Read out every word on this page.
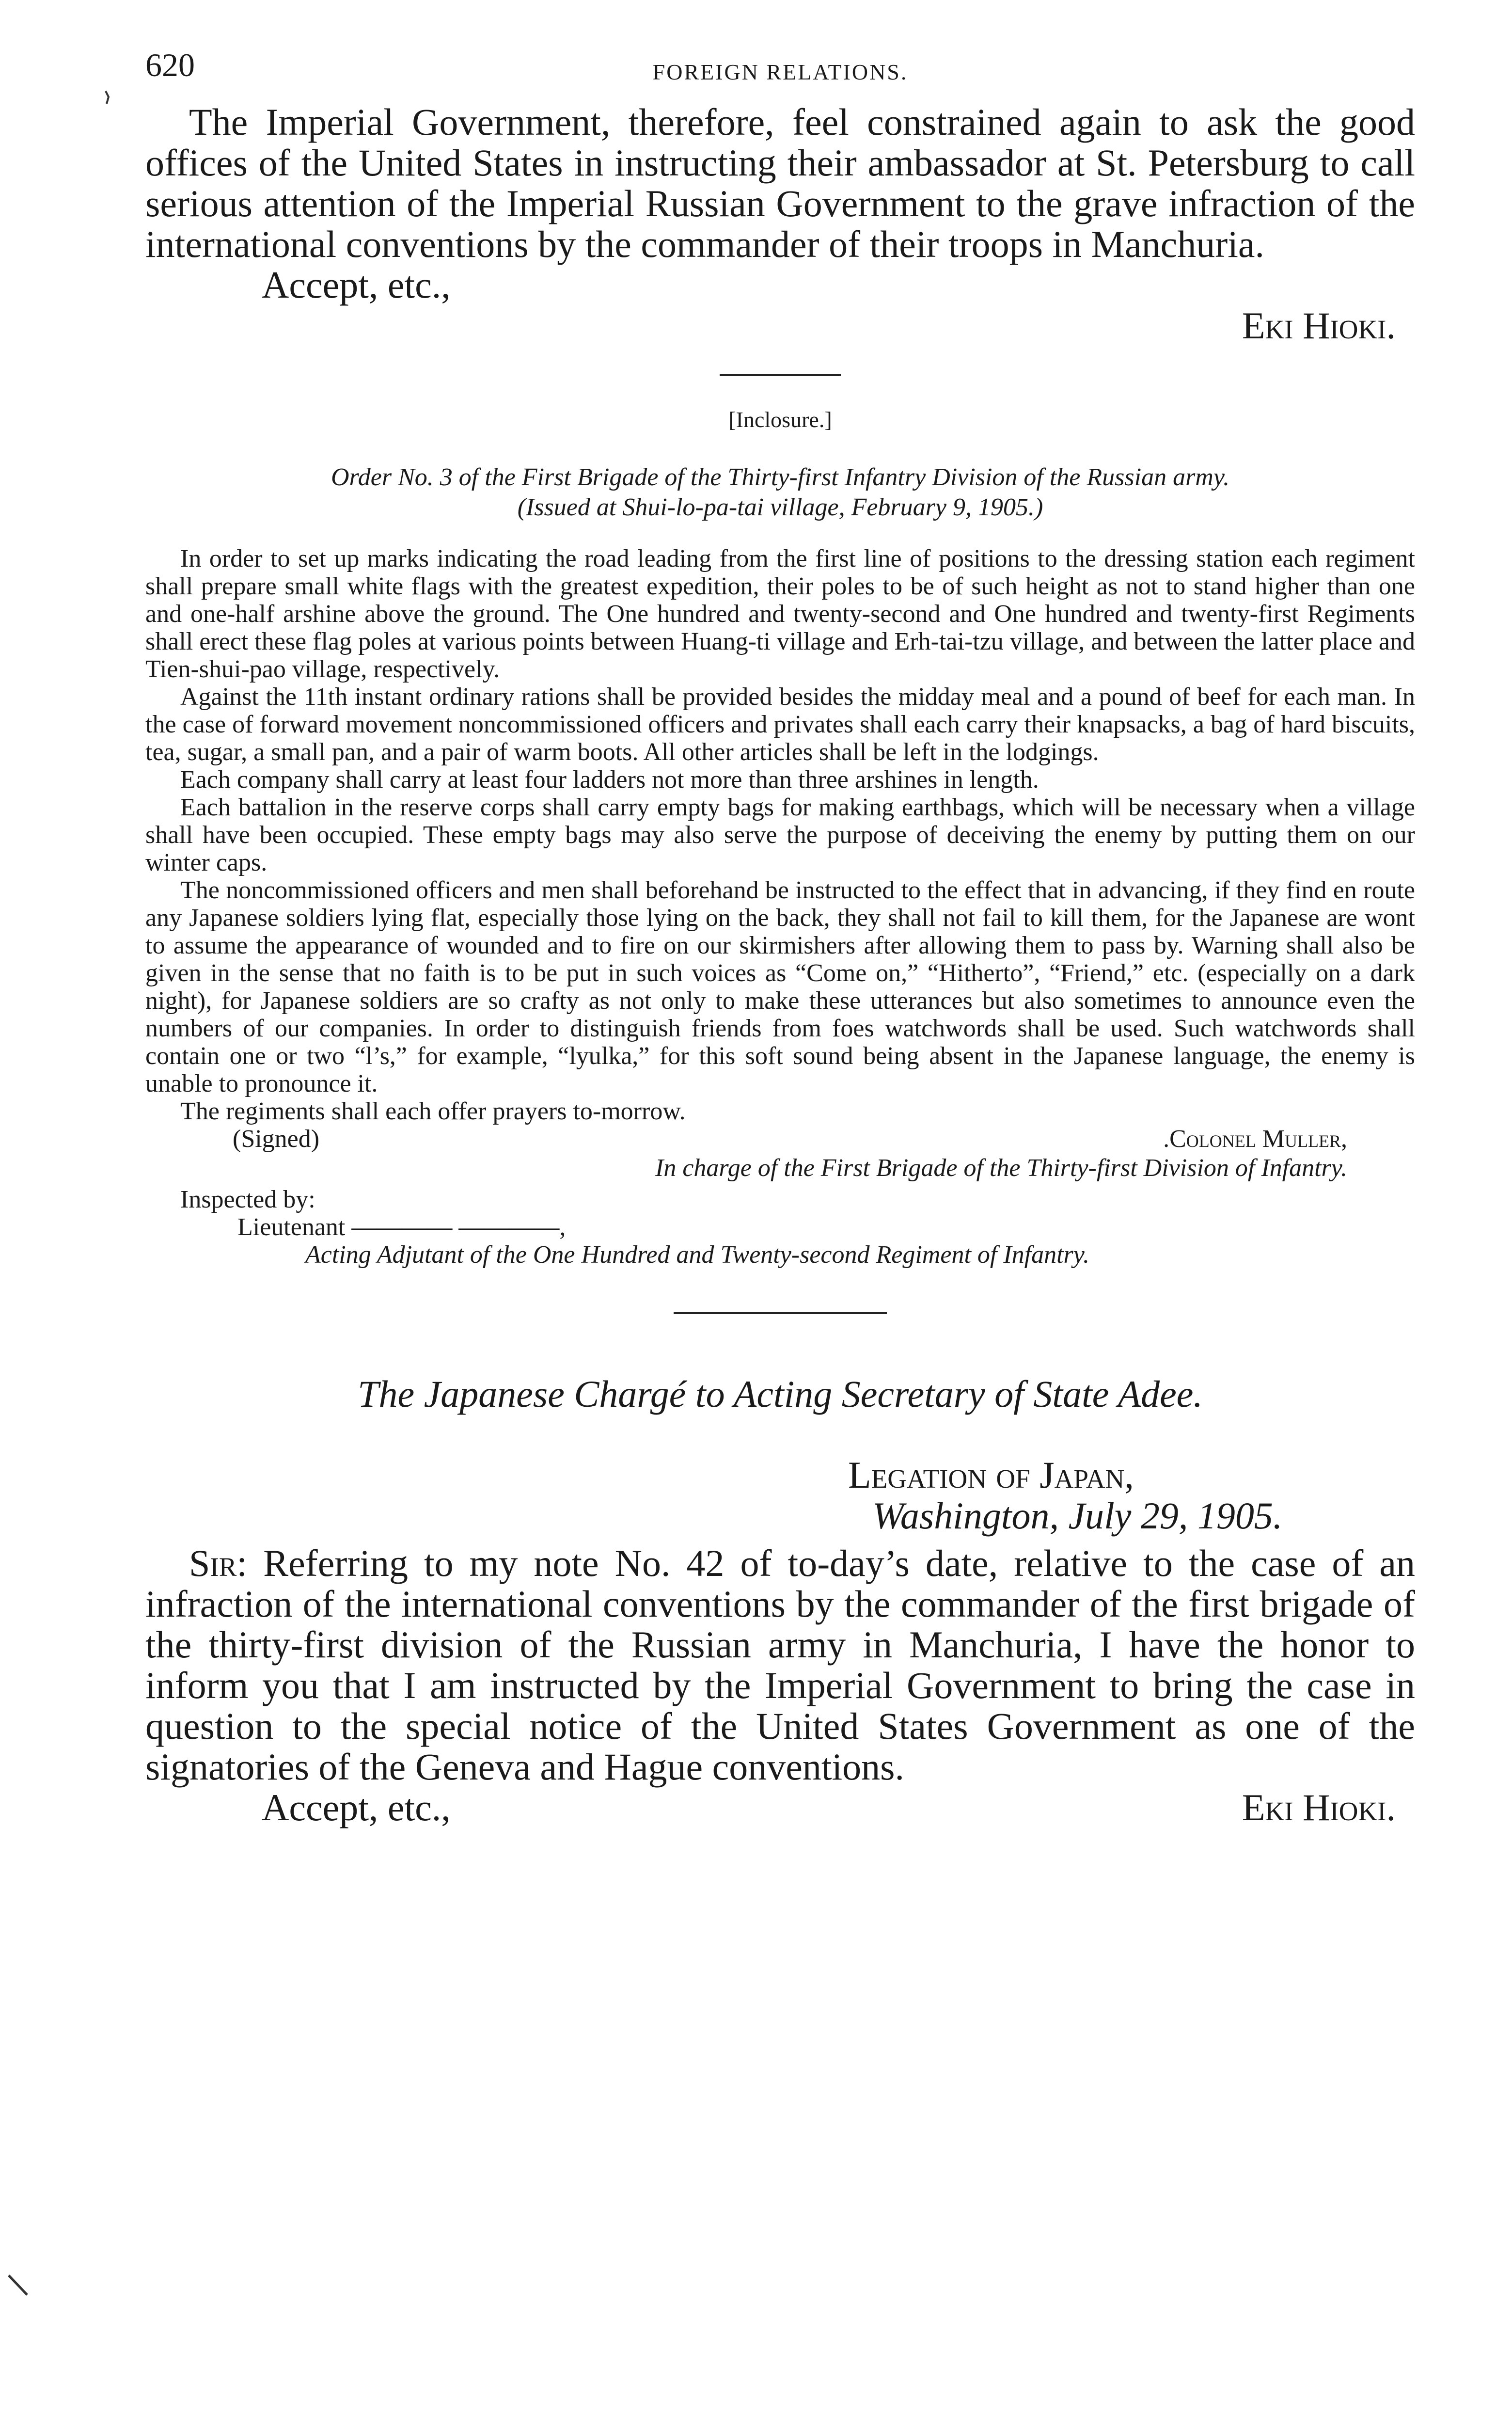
620	FOREIGN RELATIONS.

The Imperial Government, therefore, feel constrained again to ask the good offices of the United States in instructing their ambassador at St. Petersburg to call serious attention of the Imperial Russian Government to the grave infraction of the international conventions by the commander of their troops in Manchuria.

Accept, etc.,

Eki Hioki.

[Inclosure.]

Order No. 3 of the First Brigade of the Thirty-first Infantry Division of the Russian army.

(Issued at Shui-lo-pa-tai village, February 9, 1905.)

In order to set up marks indicating the road leading from the first line of positions to the dressing station each regiment shall prepare small white flags with the greatest expedition, their poles to be of such height as not to stand higher than one and one-half arshine above the ground. The One hundred and twenty-second and One hundred and twenty-first Regiments shall erect these flag poles at various points between Huang-ti village and Erh-tai-tzu village, and between the latter place and Tien-shui-pao village, respectively.

Against the 11th instant ordinary rations shall be provided besides the midday meal and a pound of beef for each man. In the case of forward movement noncommissioned officers and privates shall each carry their knapsacks, a bag of hard biscuits, tea, sugar, a small pan, and a pair of warm boots. All other articles shall be left in the lodgings.

Each company shall carry at least four ladders not more than three arshines in length.

Each battalion in the reserve corps shall carry empty bags for making earthbags, which will be necessary when a village shall have been occupied. These empty bags may also serve the purpose of deceiving the enemy by putting them on our winter caps.

The noncommissioned officers and men shall beforehand be instructed to the effect that in advancing, if they find en route any Japanese soldiers lying flat, especially those lying on the back, they shall not fail to kill them, for the Japanese are wont to assume the appearance of wounded and to fire on our skirmishers after allowing them to pass by. Warning shall also be given in the sense that no faith is to be put in such voices as “Come on,” “Hitherto”, “Friend,” etc. (especially on a dark night), for Japanese soldiers are so crafty as not only to make these utterances but also sometimes to announce even the numbers of our companies. In order to distinguish friends from foes watchwords shall be used. Such watchwords shall contain one or two “l’s,” for example, “lyulka,” for this soft sound being absent in the Japanese language, the enemy is unable to pronounce it.

The regiments shall each offer prayers to-morrow.

(Signed)	.Colonel Muller,

In charge of the First Brigade of the Thirty-first Division of Infantry.

Inspected by:

Lieutenant ———— ————,

Acting Adjutant of the One Hundred and Twenty-second Regiment of Infantry.

The Japanese Chargé to Acting Secretary of State Adee.

Legation of Japan,
Washington, July 29, 1905.

Sir: Referring to my note No. 42 of to-day’s date, relative to the case of an infraction of the international conventions by the commander of the first brigade of the thirty-first division of the Russian army in Manchuria, I have the honor to inform you that I am instructed by the Imperial Government to bring the case in question to the special notice of the United States Government as one of the signatories of the Geneva and Hague conventions.

Accept, etc.,	Eki Hioki.
